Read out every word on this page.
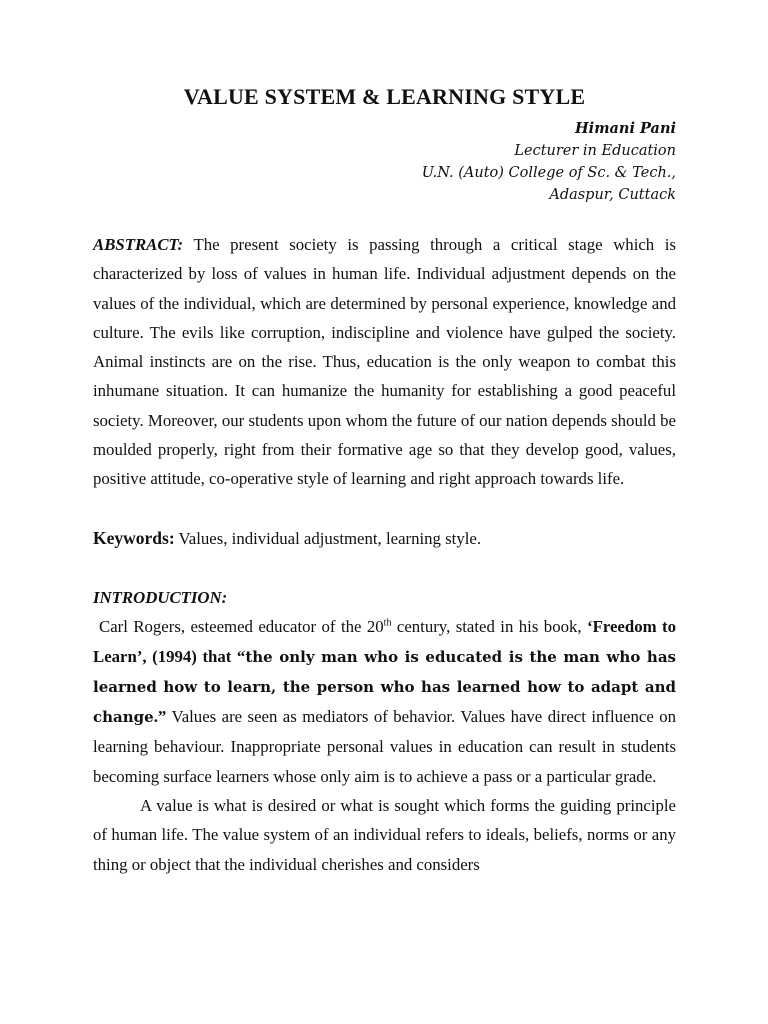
VALUE SYSTEM & LEARNING STYLE
Himani Pani
Lecturer in Education
U.N. (Auto) College of Sc. & Tech.,
Adaspur, Cuttack

ABSTRACT: The present society is passing through a critical stage which is characterized by loss of values in human life. Individual adjustment depends on the values of the individual, which are determined by personal experience, knowledge and culture. The evils like corruption, indiscipline and violence have gulped the society. Animal instincts are on the rise. Thus, education is the only weapon to combat this inhumane situation. It can humanize the humanity for establishing a good peaceful society. Moreover, our students upon whom the future of our nation depends should be moulded properly, right from their formative age so that they develop good, values, positive attitude, co-operative style of learning and right approach towards life.

Keywords: Values, individual adjustment, learning style.

INTRODUCTION:

Carl Rogers, esteemed educator of the 20th century, stated in his book, ‘Freedom to Learn’, (1994) that “the only man who is educated is the man who has learned how to learn, the person who has learned how to adapt and change.” Values are seen as mediators of behavior. Values have direct influence on learning behaviour. Inappropriate personal values in education can result in students becoming surface learners whose only aim is to achieve a pass or a particular grade.

A value is what is desired or what is sought which forms the guiding principle of human life. The value system of an individual refers to ideals, beliefs, norms or any thing or object that the individual cherishes and considers
